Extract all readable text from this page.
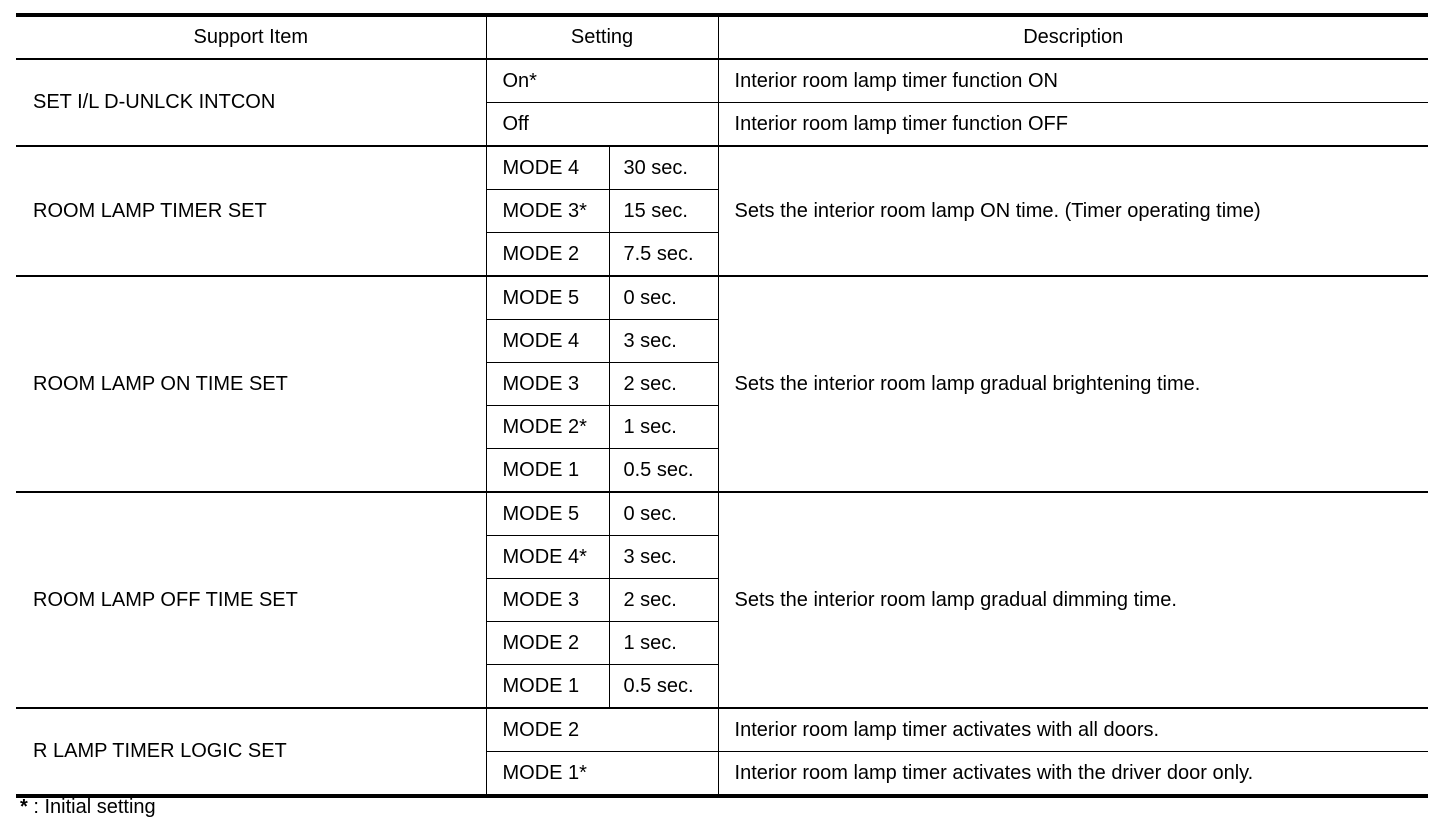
Support Item	Setting		Description
SET I/L D-UNLCK INTCON	On*		Interior room lamp timer function ON
	Off		Interior room lamp timer function OFF
ROOM LAMP TIMER SET	MODE 4	30 sec.	Sets the interior room lamp ON time. (Timer operating time)
	MODE 3*	15 sec.	
	MODE 2	7.5 sec.	
ROOM LAMP ON TIME SET	MODE 5	0 sec.	Sets the interior room lamp gradual brightening time.
	MODE 4	3 sec.	
	MODE 3	2 sec.	
	MODE 2*	1 sec.	
	MODE 1	0.5 sec.	
ROOM LAMP OFF TIME SET	MODE 5	0 sec.	Sets the interior room lamp gradual dimming time.
	MODE 4*	3 sec.	
	MODE 3	2 sec.	
	MODE 2	1 sec.	
	MODE 1	0.5 sec.	
R LAMP TIMER LOGIC SET	MODE 2		Interior room lamp timer activates with all doors.
	MODE 1*		Interior room lamp timer activates with the driver door only.
* : Initial setting
